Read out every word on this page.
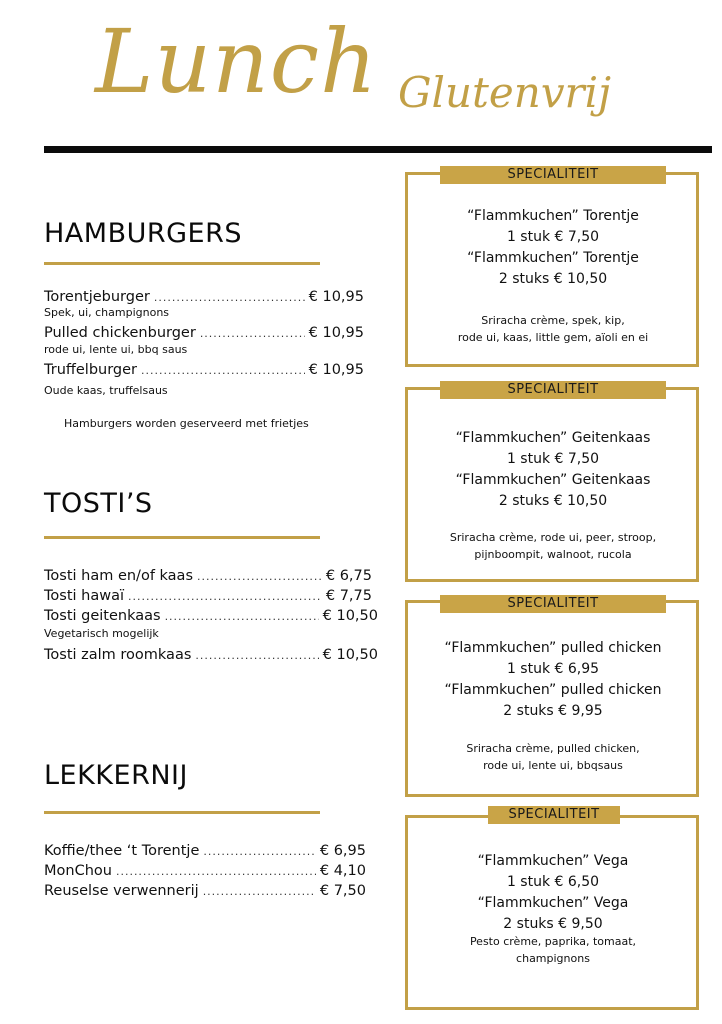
Lunch Glutenvrij
HAMBURGERS
Torentjeburger .....	€ 10,95
Spek, ui, champignons
Pulled chickenburger .....	€ 10,95
rode ui, lente ui, bbq saus
Truffelburger .....	€ 10,95
Oude kaas, truffelsaus
Hamburgers worden geserveerd met frietjes
TOSTI’S
Tosti ham en/of kaas .....	€ 6,75
Tosti hawaï .....	€ 7,75
Tosti geitenkaas .....	€ 10,50
Vegetarisch mogelijk
Tosti zalm roomkaas .....	€ 10,50
LEKKERNIJ
Koffie/thee ‘t Torentje .....	€ 6,95
MonChou .....	€ 4,10
Reuselse verwennerij .....	€ 7,50
SPECIALITEIT
“Flammkuchen” Torentje
1 stuk € 7,50
“Flammkuchen” Torentje
2 stuks € 10,50
Sriracha crème, spek, kip,
rode ui, kaas, little gem, aïoli en ei
SPECIALITEIT
“Flammkuchen” Geitenkaas
1 stuk € 7,50
“Flammkuchen” Geitenkaas
2 stuks € 10,50
Sriracha crème, rode ui, peer, stroop,
pijnboompit, walnoot, rucola
SPECIALITEIT
“Flammkuchen” pulled chicken
1 stuk € 6,95
“Flammkuchen” pulled chicken
2 stuks € 9,95
Sriracha crème, pulled chicken,
rode ui, lente ui, bbqsaus
SPECIALITEIT
“Flammkuchen” Vega
1 stuk € 6,50
“Flammkuchen” Vega
2 stuks € 9,50
Pesto crème, paprika, tomaat,
champignons
